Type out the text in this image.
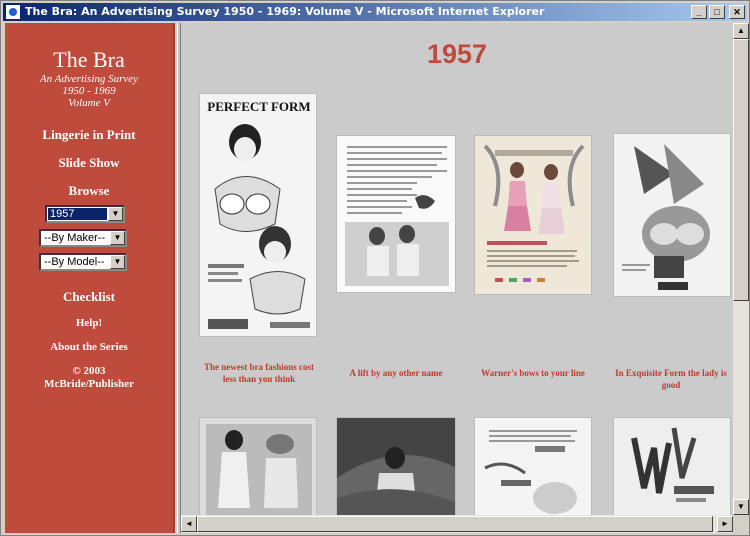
The Bra: An Advertising Survey 1950 - 1969: Volume V - Microsoft Internet Explorer	_	□	✕
The Bra
An Advertising Survey
1950 - 1969
Volume V
Lingerie in Print
Slide Show
Browse
1957	▼
--By Maker--	▼
--By Model--	▼
Checklist
Help!
About the Series
© 2003
McBride/Publisher
1957
PERFECT FORM
The newest bra fashions cost less than you think
A lift by any other name	Warner's bows to your line	In Exquisite Form the lady is good
▲
▼
◄	►
